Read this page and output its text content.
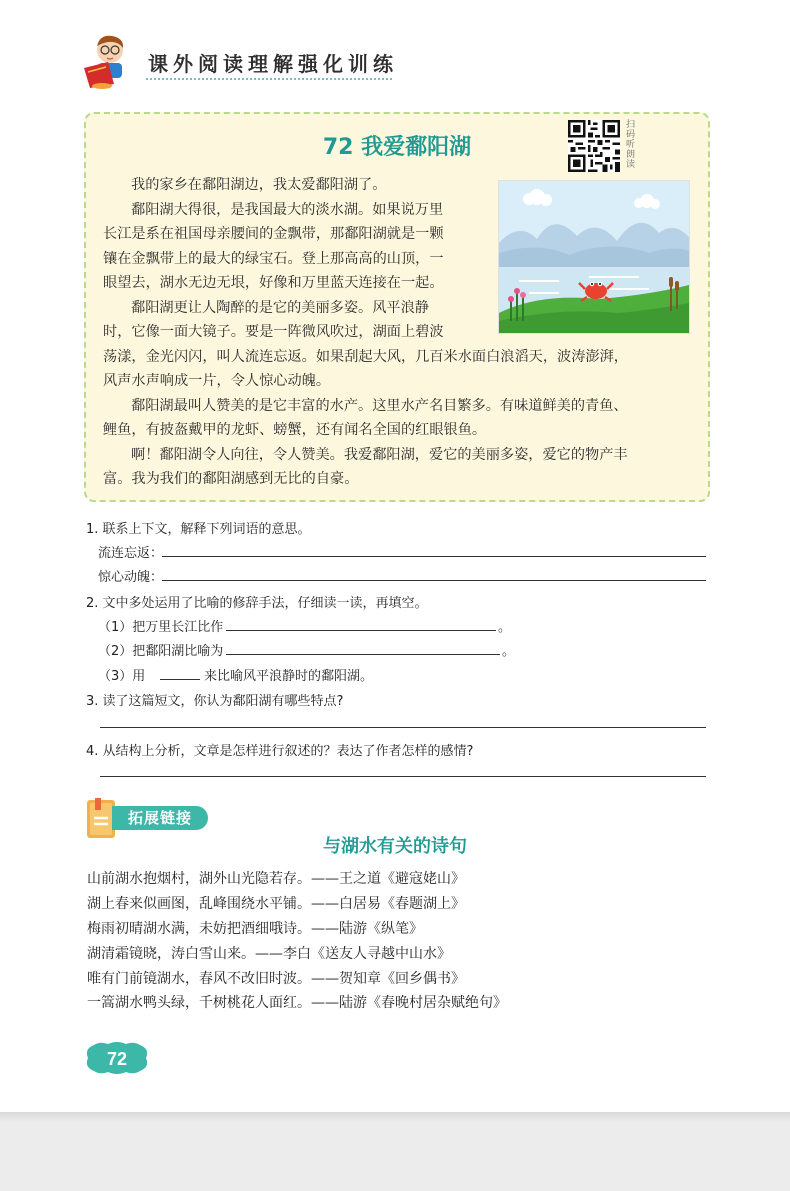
课外阅读理解强化训练
72 我爱鄱阳湖
扫码听朗读
我的家乡在鄱阳湖边，我太爱鄱阳湖了。
鄱阳湖大得很，是我国最大的淡水湖。如果说万里
长江是系在祖国母亲腰间的金飘带，那鄱阳湖就是一颗
镶在金飘带上的最大的绿宝石。登上那高高的山顶，一
眼望去，湖水无边无垠，好像和万里蓝天连接在一起。
鄱阳湖更让人陶醉的是它的美丽多姿。风平浪静
时，它像一面大镜子。要是一阵微风吹过，湖面上碧波
荡漾，金光闪闪，叫人流连忘返。如果刮起大风，几百米水面白浪滔天，波涛澎湃，
风声水声响成一片，令人惊心动魄。
鄱阳湖最叫人赞美的是它丰富的水产。这里水产名目繁多。有味道鲜美的青鱼、
鲤鱼，有披盔戴甲的龙虾、螃蟹，还有闻名全国的红眼银鱼。
啊！鄱阳湖令人向往，令人赞美。我爱鄱阳湖，爱它的美丽多姿，爱它的物产丰
富。我为我们的鄱阳湖感到无比的自豪。
1. 联系上下文，解释下列词语的意思。
流连忘返：
惊心动魄：
2. 文中多处运用了比喻的修辞手法，仔细读一读，再填空。
（1）把万里长江比作	。
（2）把鄱阳湖比喻为	。
（3）用	来比喻风平浪静时的鄱阳湖。
3. 读了这篇短文，你认为鄱阳湖有哪些特点?
4. 从结构上分析，文章是怎样进行叙述的？表达了作者怎样的感情?
拓展链接
与湖水有关的诗句
山前湖水抱烟村，湖外山光隐若存。——王之道《避寇姥山》
湖上春来似画图，乱峰围绕水平铺。——白居易《春题湖上》
梅雨初晴湖水满，未妨把酒细哦诗。——陆游《纵笔》
湖清霜镜晓，涛白雪山来。——李白《送友人寻越中山水》
唯有门前镜湖水，春风不改旧时波。——贺知章《回乡偶书》
一篙湖水鸭头绿，千树桃花人面红。——陆游《春晚村居杂赋绝句》
72
